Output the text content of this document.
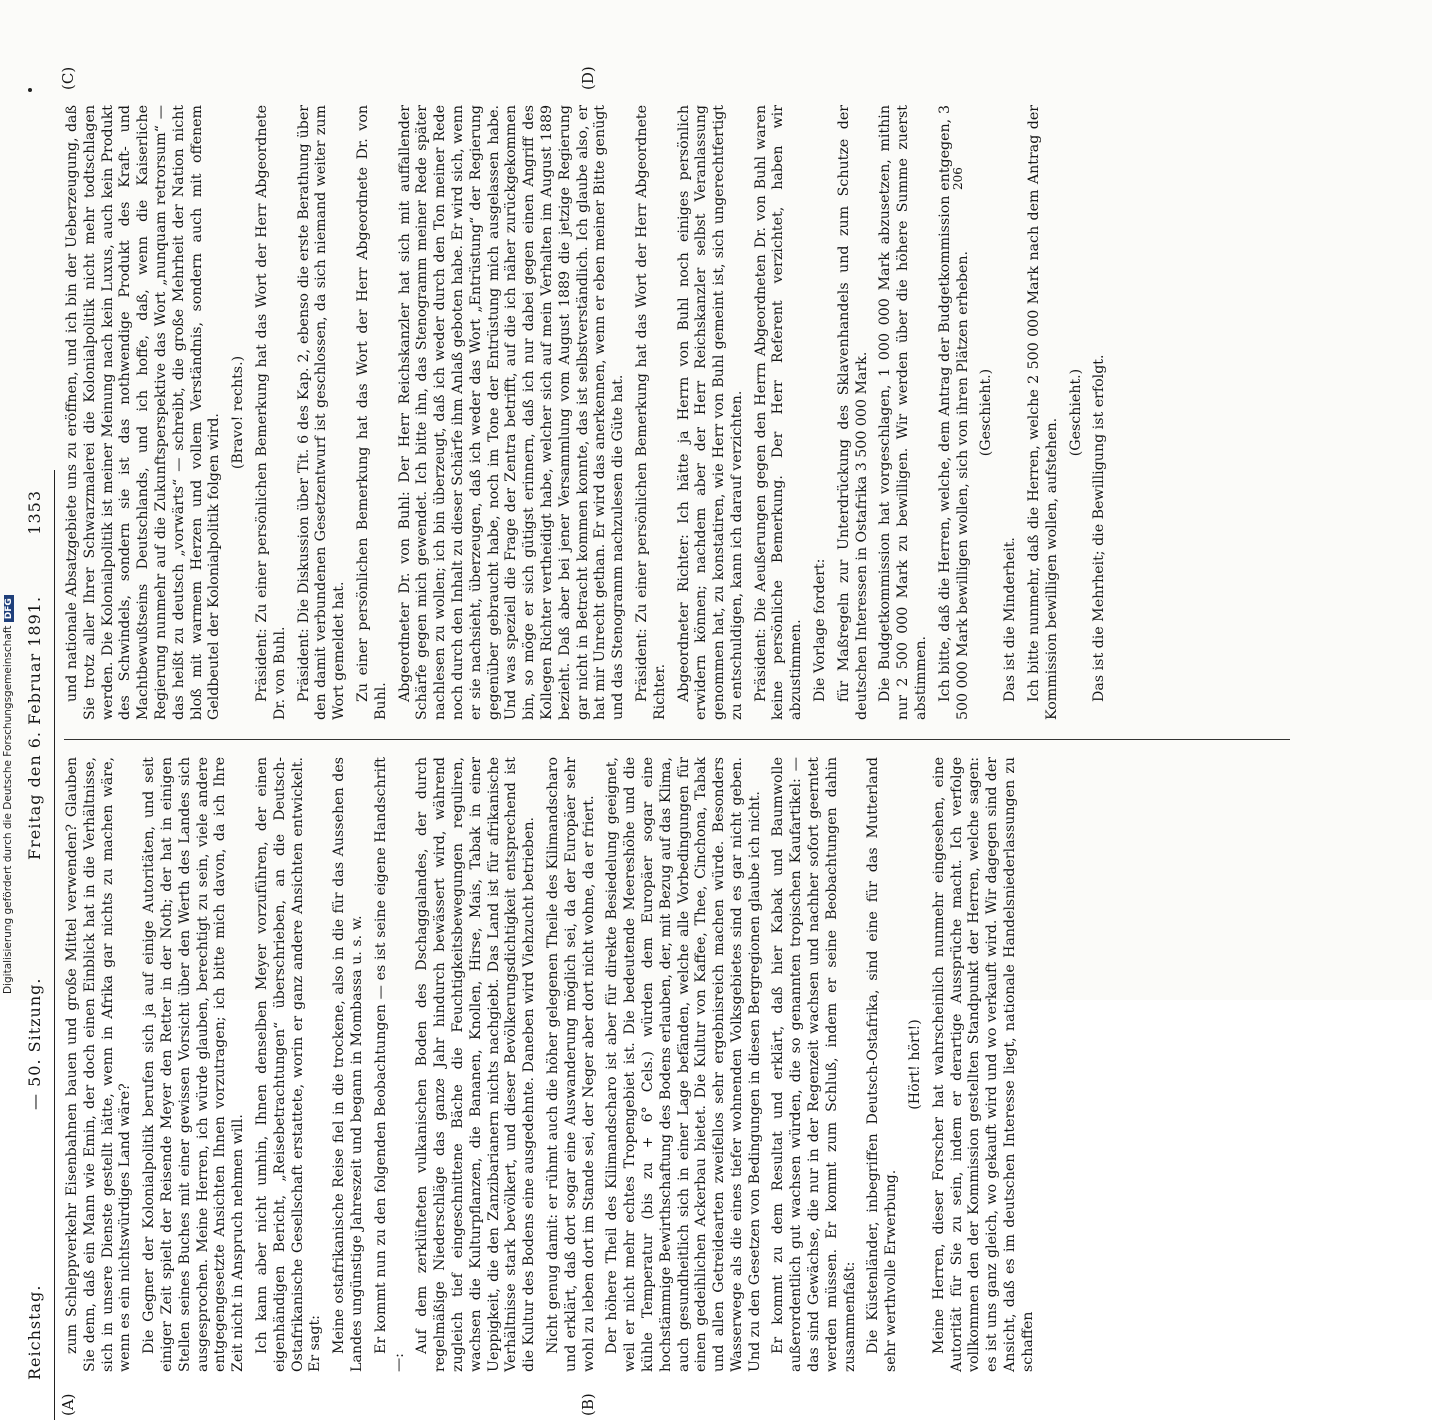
Reichstag.
— 50. Sitzung.
Freitag den 6. Februar 1891.
1353
(A)	(B)
(C)	(D)

zum Schleppverkehr Eisenbahnen bauen und große Mittel verwenden? Glauben Sie denn, daß ein Mann wie Emin, der doch einen Einblick hat in die Verhältnisse, sich in unsere Dienste gestellt hätte, wenn in Afrika gar nichts zu machen wäre, wenn es ein nichtswürdiges Land wäre? Die Gegner der Kolonialpolitik berufen sich ja auf einige Autoritäten, und seit einiger Zeit spielt der Reisende Meyer den Retter in der Noth; der hat in einigen Stellen seines Buches mit einer gewissen Vorsicht über den Werth des Landes sich ausgesprochen. Meine Herren, ich würde glauben, berechtigt zu sein, viele andere entgegengesetzte Ansichten Ihnen vorzutragen; ich bitte mich davon, da ich Ihre Zeit nicht in Anspruch nehmen will. Ich kann aber nicht umhin, Ihnen denselben Meyer vorzuführen, der einen eigenhändigen Bericht, „Reisebetrachtungen“ überschrieben, an die Deutsch-Ostafrikanische Gesellschaft erstattete, worin er ganz andere Ansichten entwickelt. Er sagt: Meine ostafrikanische Reise fiel in die trockene, also in die für das Aussehen des Landes ungünstige Jahreszeit und begann in Mombassa u. s. w. Er kommt nun zu den folgenden Beobachtungen — es ist seine eigene Handschrift —:

Auf dem zerklüfteten vulkanischen Boden des Dschaggalandes, der durch regelmäßige Niederschläge das ganze Jahr hindurch bewässert wird, während zugleich tief eingeschnittene Bäche die Feuchtigkeitsbewegungen reguliren, wachsen die Kulturpflanzen, die Bananen, Knollen, Hirse, Mais, Tabak in einer Ueppigkeit, die den Zanzibarianern nichts nachgiebt. Das Land ist für afrikanische Verhältnisse stark bevölkert, und dieser Bevölkerungsdichtigkeit entsprechend ist die Kultur des Bodens eine ausgedehnte. Daneben wird Viehzucht betrieben. Nicht genug damit: er rühmt auch die höher gelegenen Theile des Kilimandscharo und erklärt, daß dort sogar eine Auswanderung möglich sei, da der Europäer sehr wohl zu leben dort im Stande sei, der Neger aber dort nicht wohne, da er friert. Der höhere Theil des Kilimandscharo ist aber für direkte Besiedelung geeignet, weil er nicht mehr echtes Tropengebiet ist. Die bedeutende Meereshöhe und die kühle Temperatur (bis zu + 6° Cels.) würden dem Europäer sogar eine hochstämmige Bewirthschaftung des Bodens erlauben, der, mit Bezug auf das Klima, auch gesundheitlich sich in einer Lage befänden, welche alle Vorbedingungen für einen gedeihlichen Ackerbau bietet. Die Kultur von Kaffee, Thee, Cinchona, Tabak und allen Getreidearten zweifellos sehr ergebnisreich machen würde. Besonders Wasserwege als die eines tiefer wohnenden Volksgebietes sind es gar nicht geben. Und zu den Gesetzen von Bedingungen in diesen Bergregionen glaube ich nicht. Er kommt zu dem Resultat und erklärt, daß hier Kabak und Baumwolle außerordentlich gut wachsen würden, die so genannten tropischen Kaufartikel: — das sind Gewächse, die nur in der Regenzeit wachsen und nachher sofort geerntet werden müssen. Er kommt zum Schluß, indem er seine Beobachtungen dahin zusammenfaßt: Die Küstenländer, inbegriffen Deutsch-Ostafrika, sind eine für das Mutterland sehr werthvolle Erwerbung.

(Hört! hört!) Meine Herren, dieser Forscher hat wahrscheinlich nunmehr eingesehen, eine Autorität für Sie zu sein, indem er derartige Aussprüche macht. Ich verfolge vollkommen den der Kommission gestellten Standpunkt der Herren, welche sagen: es ist uns ganz gleich, wo gekauft wird und wo verkauft wird. Wir dagegen sind der Ansicht, daß es im deutschen Interesse liegt, nationale Handelsniederlassungen zu schaffen

und nationale Absatzgebiete uns zu eröffnen, und ich bin der Ueberzeugung, daß Sie trotz aller Ihrer Schwarzmalerei die Kolonialpolitik nicht mehr todtschlagen werden. Die Kolonialpolitik ist meiner Meinung nach kein Luxus, auch kein Produkt des Schwindels, sondern sie ist das nothwendige Produkt des Kraft- und Machtbewußtseins Deutschlands, und ich hoffe, daß, wenn die Kaiserliche Regierung nunmehr auf die Zukunftsperspektive das Wort „nunquam retrorsum“ — das heißt zu deutsch „vorwärts“ — schreibt, die große Mehrheit der Nation nicht bloß mit warmem Herzen und vollem Verständnis, sondern auch mit offenem Geldbeutel der Kolonialpolitik folgen wird.

(Bravo! rechts.) Präsident: Zu einer persönlichen Bemerkung hat das Wort der Herr Abgeordnete Dr. von Buhl. Präsident: Die Diskussion über Tit. 6 des Kap. 2, ebenso die erste Berathung über den damit verbundenen Gesetzentwurf ist geschlossen, da sich niemand weiter zum Wort gemeldet hat. Zu einer persönlichen Bemerkung hat das Wort der Herr Abgeordnete Dr. von Buhl. Abgeordneter Dr. von Buhl: Der Herr Reichskanzler hat sich mit auffallender Schärfe gegen mich gewendet. Ich bitte ihn, das Stenogramm meiner Rede später nachlesen zu wollen; ich bin überzeugt, daß ich weder durch den Ton meiner Rede noch durch den Inhalt zu dieser Schärfe ihm Anlaß geboten habe. Er wird sich, wenn er sie nachsieht, überzeugen, daß ich weder das Wort „Entrüstung“ der Regierung gegenüber gebraucht habe, noch im Tone der Entrüstung mich ausgelassen habe. Und was speziell die Frage der Zentra betrifft, auf die ich näher zurückgekommen bin, so möge er sich gütigst erinnern, daß ich nur dabei gegen einen Angriff des Kollegen Richter vertheidigt habe, welcher sich auf mein Verhalten im August 1889 bezieht. Daß aber bei jener Versammlung vom August 1889 die jetzige Regierung gar nicht in Betracht kommen konnte, das ist selbstverständlich. Ich glaube also, er hat mir Unrecht gethan. Er wird das anerkennen, wenn er eben meiner Bitte genügt und das Stenogramm nachzulesen die Güte hat. Präsident: Zu einer persönlichen Bemerkung hat das Wort der Herr Abgeordnete Richter. Abgeordneter Richter: Ich hätte ja Herrn von Buhl noch einiges persönlich erwidern können; nachdem aber der Herr Reichskanzler selbst Veranlassung genommen hat, zu konstatiren, wie Herr von Buhl gemeint ist, sich ungerechtfertigt zu entschuldigen, kann ich darauf verzichten. Präsident: Die Aeußerungen gegen den Herrn Abgeordneten Dr. von Buhl waren keine persönliche Bemerkung. Der Herr Referent verzichtet, haben wir abzustimmen. Die Vorlage fordert: für Maßregeln zur Unterdrückung des Sklavenhandels und zum Schutze der deutschen Interessen in Ostafrika 3 500 000 Mark. Die Budgetkommission hat vorgeschlagen, 1 000 000 Mark abzusetzen, mithin nur 2 500 000 Mark zu bewilligen. Wir werden über die höhere Summe zuerst abstimmen. Ich bitte, daß die Herren, welche, dem Antrag der Budgetkommission entgegen, 3 500 000 Mark bewilligen wollen, sich von ihren Plätzen erheben. (Geschieht.)

Das ist die Minderheit. Ich bitte nunmehr, daß die Herren, welche 2 500 000 Mark nach dem Antrag der Kommission bewilligen wollen, aufstehen.

(Geschieht.) Das ist die Mehrheit; die Bewilligung ist erfolgt.

206
Digitalisierung gefördert durch die Deutsche Forschungsgemeinschaft DFG
